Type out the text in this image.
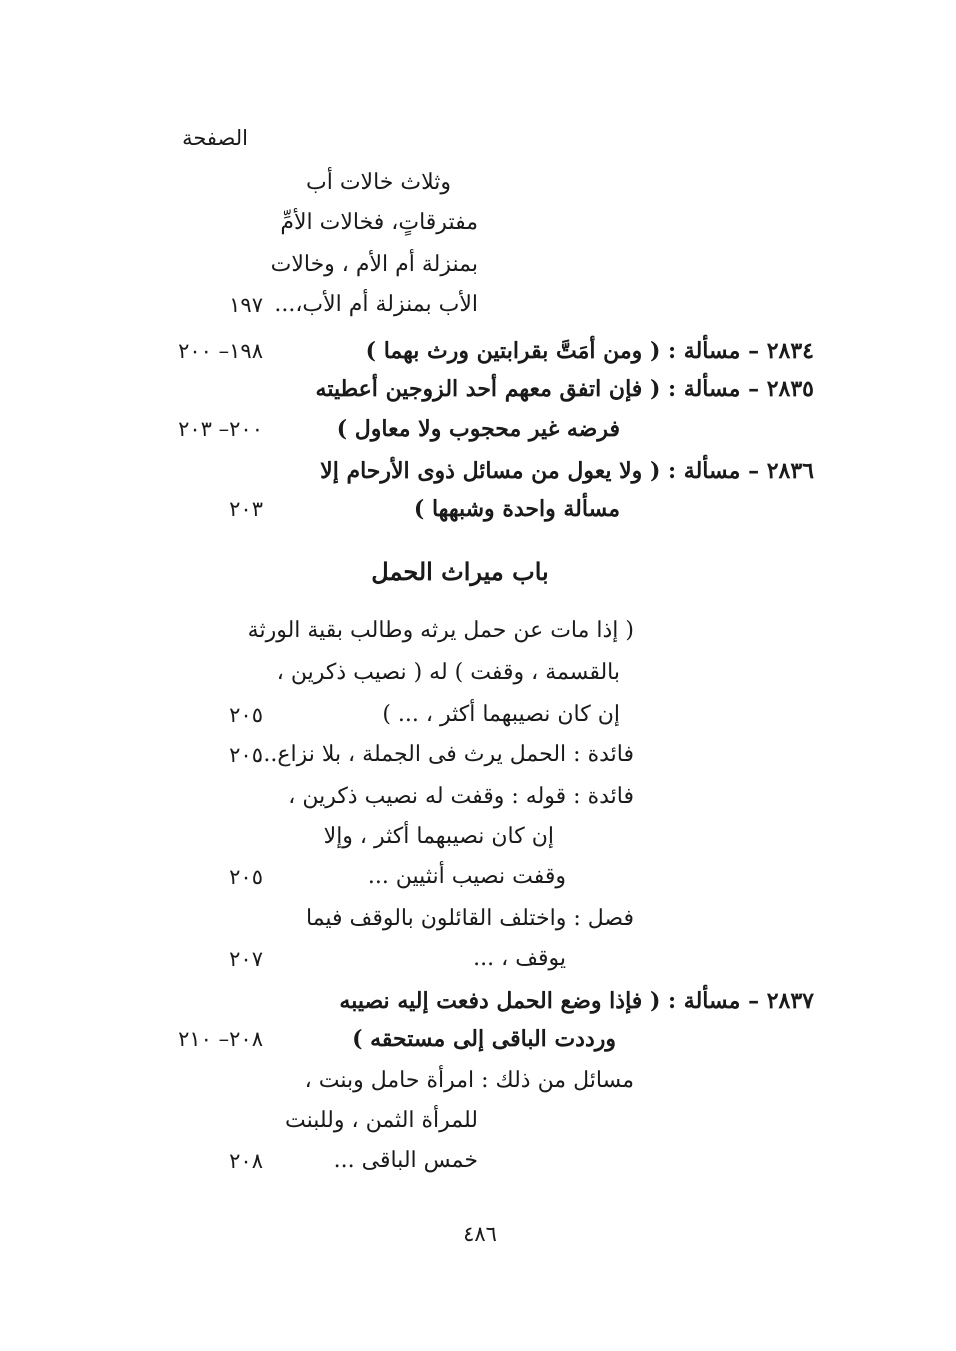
الصفحة
وثلاث خالات أب
مفترقاتٍ، فخالات الأمِّ
بمنزلة أم الأم ، وخالات
الأب بمنزلة أم الأب،...
١٩٧
٢٨٣٤ – مسألة : ( ومن أمَتَّ بقرابتين ورث بهما )
١٩٨– ٢٠٠
٢٨٣٥ – مسألة : ( فإن اتفق معهم أحد الزوجين أعطيته
فرضه غير محجوب ولا معاول )
٢٠٠– ٢٠٣
٢٨٣٦ – مسألة : ( ولا يعول من مسائل ذوى الأرحام إلا
مسألة واحدة وشبهها )
٢٠٣
باب ميراث الحمل
( إذا مات عن حمل يرثه وطالب بقية الورثة
بالقسمة ، وقفت ) له ( نصيب ذكرين ،
إن كان نصيبهما أكثر ، ... )
٢٠٥
فائدة : الحمل يرث فى الجملة ، بلا نزاع...
٢٠٥
فائدة : قوله : وقفت له نصيب ذكرين ،
إن كان نصيبهما أكثر ، وإلا
وقفت نصيب أنثيين ...
٢٠٥
فصل : واختلف القائلون بالوقف فيما
يوقف ، ...
٢٠٧
٢٨٣٧ – مسألة : ( فإذا وضع الحمل دفعت إليه نصيبه
ورددت الباقى إلى مستحقه )
٢٠٨– ٢١٠
مسائل من ذلك : امرأة حامل وبنت ،
للمرأة الثمن ، وللبنت
خمس الباقى ...
٢٠٨
٤٨٦
